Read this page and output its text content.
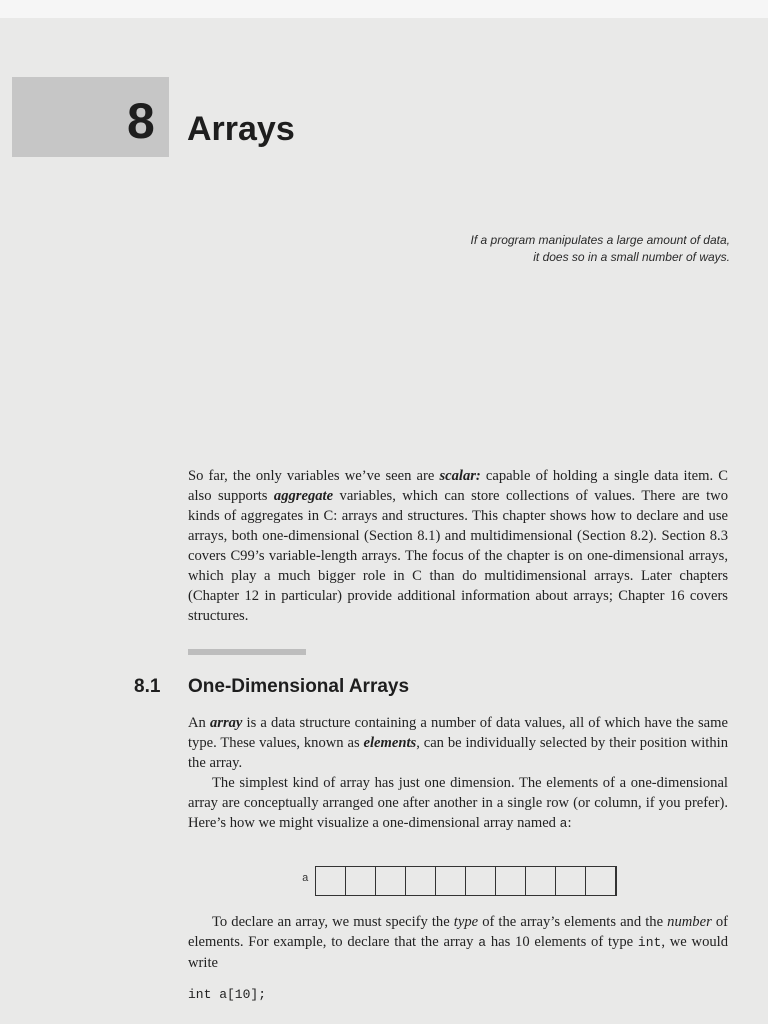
8 Arrays
If a program manipulates a large amount of data,
it does so in a small number of ways.

So far, the only variables we’ve seen are scalar: capable of holding a single data item. C also supports aggregate variables, which can store collections of values. There are two kinds of aggregates in C: arrays and structures. This chapter shows how to declare and use arrays, both one-dimensional (Section 8.1) and multidimensional (Section 8.2). Section 8.3 covers C99’s variable-length arrays. The focus of the chapter is on one-dimensional arrays, which play a much bigger role in C than do multidimensional arrays. Later chapters (Chapter 12 in particular) provide additional information about arrays; Chapter 16 covers structures.

8.1 One-Dimensional Arrays

An array is a data structure containing a number of data values, all of which have the same type. These values, known as elements, can be individually selected by their position within the array.

The simplest kind of array has just one dimension. The elements of a one-dimensional array are conceptually arranged one after another in a single row (or column, if you prefer). Here’s how we might visualize a one-dimensional array named a:

a

To declare an array, we must specify the type of the array’s elements and the number of elements. For example, to declare that the array a has 10 elements of type int, we would write

int a[10];
